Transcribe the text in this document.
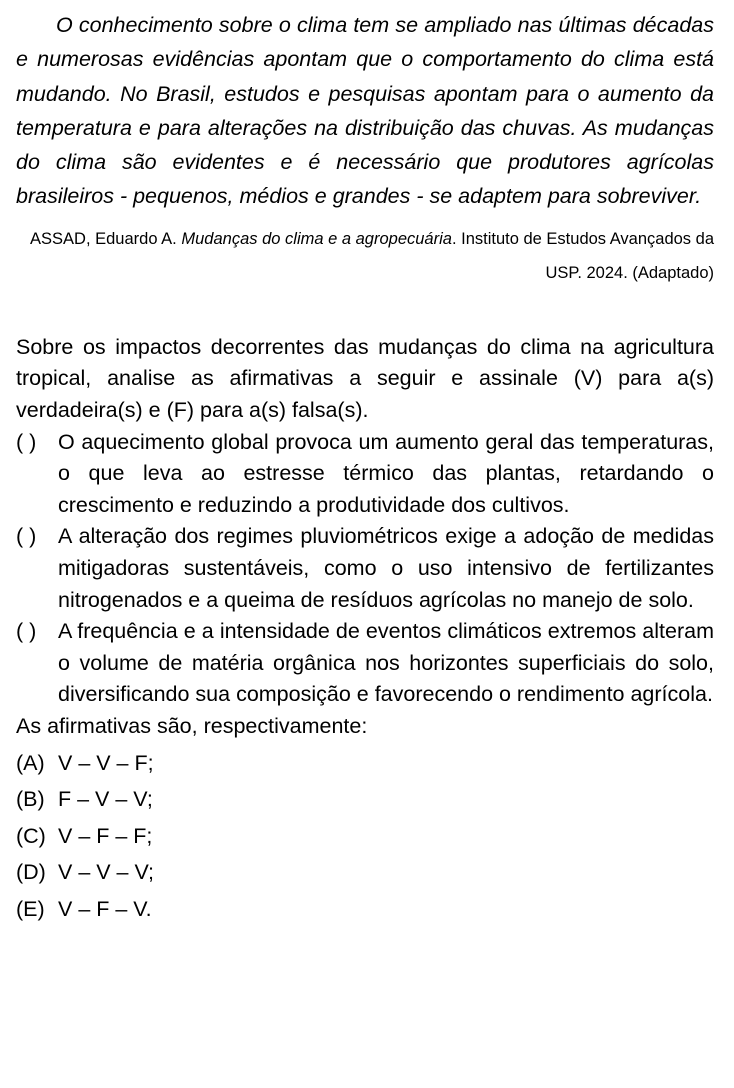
O conhecimento sobre o clima tem se ampliado nas últimas décadas e numerosas evidências apontam que o comportamento do clima está mudando. No Brasil, estudos e pesquisas apontam para o aumento da temperatura e para alterações na distribuição das chuvas. As mudanças do clima são evidentes e é necessário que produtores agrícolas brasileiros - pequenos, médios e grandes - se adaptem para sobreviver.

ASSAD, Eduardo A. Mudanças do clima e a agropecuária. Instituto de Estudos Avançados da USP. 2024. (Adaptado)

Sobre os impactos decorrentes das mudanças do clima na agricultura tropical, analise as afirmativas a seguir e assinale (V) para a(s) verdadeira(s) e (F) para a(s) falsa(s).

( ) O aquecimento global provoca um aumento geral das temperaturas, o que leva ao estresse térmico das plantas, retardando o crescimento e reduzindo a produtividade dos cultivos.
( ) A alteração dos regimes pluviométricos exige a adoção de medidas mitigadoras sustentáveis, como o uso intensivo de fertilizantes nitrogenados e a queima de resíduos agrícolas no manejo de solo.
( ) A frequência e a intensidade de eventos climáticos extremos alteram o volume de matéria orgânica nos horizontes superficiais do solo, diversificando sua composição e favorecendo o rendimento agrícola.

As afirmativas são, respectivamente:

(A) V – V – F;
(B) F – V – V;
(C) V – F – F;
(D) V – V – V;
(E) V – F – V.
